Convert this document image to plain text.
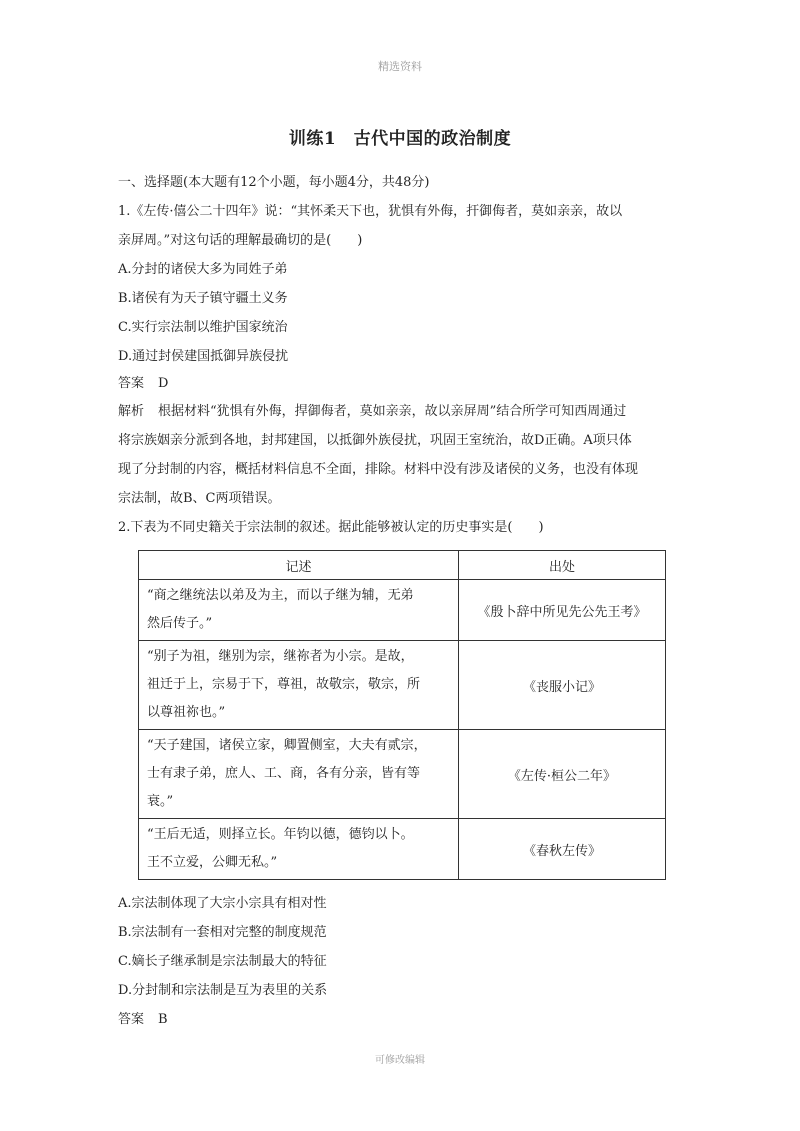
精选资料
训练1　古代中国的政治制度

一、选择题(本大题有12个小题，每小题4分，共48分)

1.《左传·僖公二十四年》说：“其怀柔天下也，犹惧有外侮，扞御侮者，莫如亲亲，故以

亲屏周。”对这句话的理解最确切的是(　　)

A.分封的诸侯大多为同姓子弟

B.诸侯有为天子镇守疆土义务

C.实行宗法制以维护国家统治

D.通过封侯建国抵御异族侵扰

答案 D

解析 根据材料“犹惧有外侮，捍御侮者，莫如亲亲，故以亲屏周”结合所学可知西周通过

将宗族姻亲分派到各地，封邦建国，以抵御外族侵扰，巩固王室统治，故D正确。A项只体

现了分封制的内容，概括材料信息不全面，排除。材料中没有涉及诸侯的义务，也没有体现

宗法制，故B、C两项错误。

2.下表为不同史籍关于宗法制的叙述。据此能够被认定的历史事实是(　　)

记述	出处

“商之继统法以弟及为主，而以子继为辅，无弟
然后传子。”	《殷卜辞中所见先公先王考》

“别子为祖，继别为宗，继祢者为小宗。是故，
祖迁于上，宗易于下，尊祖，故敬宗，敬宗，所
以尊祖祢也。”	《丧服小记》

“天子建国，诸侯立家，卿置侧室，大夫有贰宗，
士有隶子弟，庶人、工、商，各有分亲，皆有等
衰。”	《左传·桓公二年》

“王后无适，则择立长。年钧以德，德钧以卜。
王不立爱，公卿无私。”	《春秋左传》

A.宗法制体现了大宗小宗具有相对性

B.宗法制有一套相对完整的制度规范

C.嫡长子继承制是宗法制最大的特征

D.分封制和宗法制是互为表里的关系

答案 B

可修改编辑
